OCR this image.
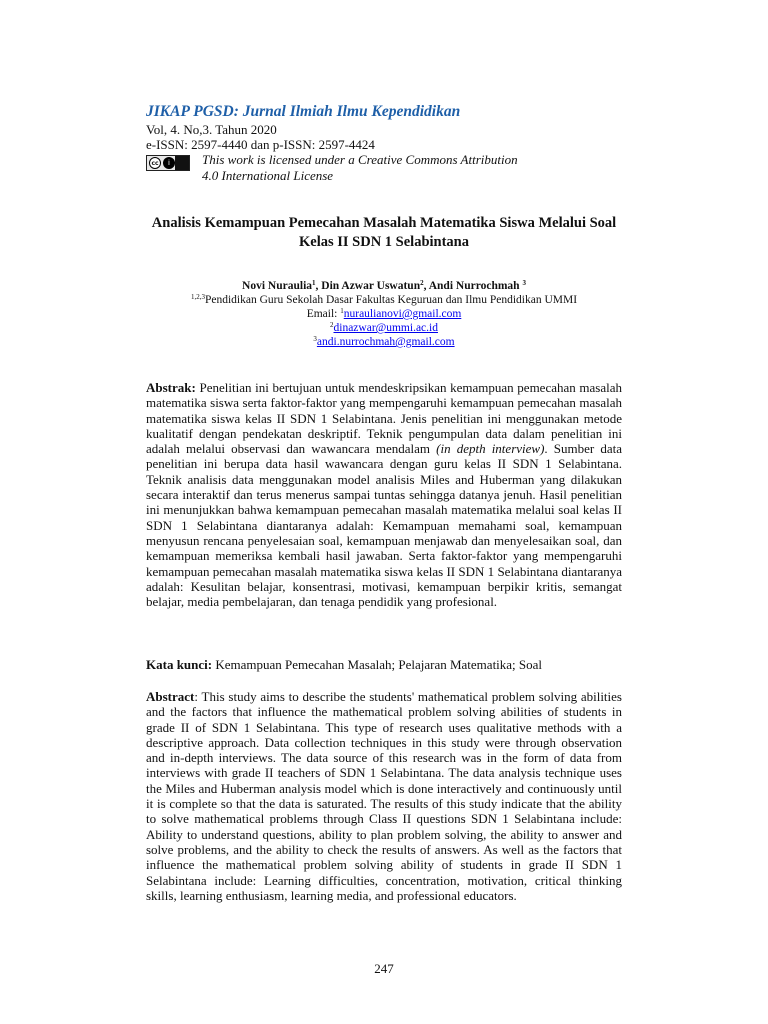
JIKAP PGSD: Jurnal Ilmiah Ilmu Kependidikan
Vol, 4. No,3. Tahun 2020
e-ISSN: 2597-4440 dan p-ISSN: 2597-4424
cc	i	This work is licensed under a Creative Commons Attribution
4.0 International License
Analisis Kemampuan Pemecahan Masalah Matematika Siswa Melalui Soal
Kelas II SDN 1 Selabintana
Novi Nuraulia$^1$, Din Azwar Uswatun$^2$, Andi Nurrochmah $^3$
$^{1,2,3}$Pendidikan Guru Sekolah Dasar Fakultas Keguruan dan Ilmu Pendidikan UMMI
Email: $^1$nuraulianovi@gmail.com
$^2$dinazwar@ummi.ac.id
$^3$andi.nurrochmah@gmail.com
Abstrak: Penelitian ini bertujuan untuk mendeskripsikan kemampuan pemecahan masalah matematika siswa serta faktor-faktor yang mempengaruhi kemampuan pemecahan masalah matematika siswa kelas II SDN 1 Selabintana. Jenis penelitian ini menggunakan metode kualitatif dengan pendekatan deskriptif. Teknik pengumpulan data dalam penelitian ini adalah melalui observasi dan wawancara mendalam (in depth interview). Sumber data penelitian ini berupa data hasil wawancara dengan guru kelas II SDN 1 Selabintana. Teknik analisis data menggunakan model analisis Miles and Huberman yang dilakukan secara interaktif dan terus menerus sampai tuntas sehingga datanya jenuh. Hasil penelitian ini menunjukkan bahwa kemampuan pemecahan masalah matematika melalui soal kelas II SDN 1 Selabintana diantaranya adalah: Kemampuan memahami soal, kemampuan menyusun rencana penyelesaian soal, kemampuan menjawab dan menyelesaikan soal, dan kemampuan memeriksa kembali hasil jawaban. Serta faktor-faktor yang mempengaruhi kemampuan pemecahan masalah matematika siswa kelas II SDN 1 Selabintana diantaranya adalah: Kesulitan belajar, konsentrasi, motivasi, kemampuan berpikir kritis, semangat belajar, media pembelajaran, dan tenaga pendidik yang profesional.
Kata kunci: Kemampuan Pemecahan Masalah; Pelajaran Matematika; Soal
Abstract: This study aims to describe the students' mathematical problem solving abilities and the factors that influence the mathematical problem solving abilities of students in grade II of SDN 1 Selabintana. This type of research uses qualitative methods with a descriptive approach. Data collection techniques in this study were through observation and in-depth interviews. The data source of this research was in the form of data from interviews with grade II teachers of SDN 1 Selabintana. The data analysis technique uses the Miles and Huberman analysis model which is done interactively and continuously until it is complete so that the data is saturated. The results of this study indicate that the ability to solve mathematical problems through Class II questions SDN 1 Selabintana include: Ability to understand questions, ability to plan problem solving, the ability to answer and solve problems, and the ability to check the results of answers. As well as the factors that influence the mathematical problem solving ability of students in grade II SDN 1 Selabintana include: Learning difficulties, concentration, motivation, critical thinking skills, learning enthusiasm, learning media, and professional educators.
247
